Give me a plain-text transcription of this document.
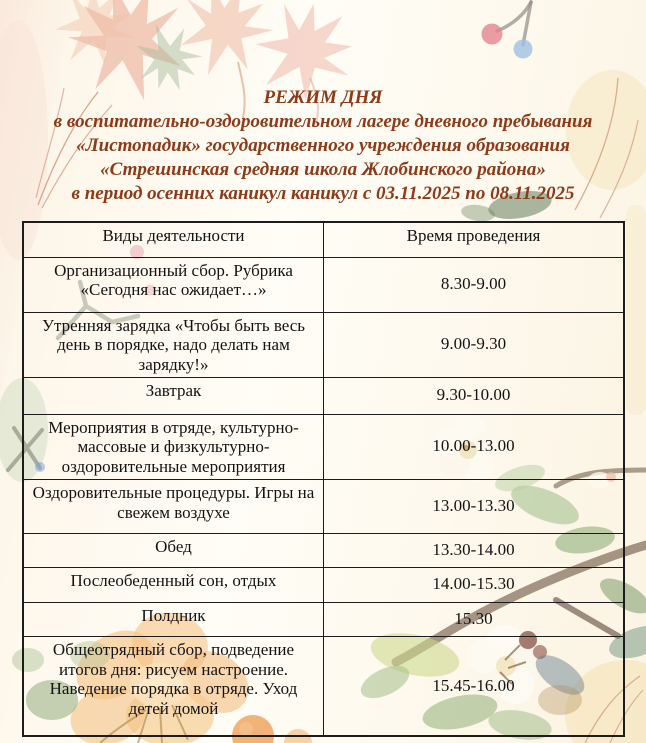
РЕЖИМ ДНЯ
в воспитательно-оздоровительном лагере дневного пребывания
«Листопадик» государственного учреждения образования
«Стрешинская средняя школа Жлобинского района»
в период осенних каникул каникул с 03.11.2025 по 08.11.2025
Виды деятельности	Время проведения
Организационный сбор. Рубрика «Сегодня нас ожидает…»	8.30-9.00
Утренняя зарядка «Чтобы быть весь день в порядке, надо делать нам зарядку!»	9.00-9.30
Завтрак	9.30-10.00
Мероприятия в отряде, культурно-массовые и физкультурно-оздоровительные мероприятия	10.00-13.00
Оздоровительные процедуры. Игры на свежем воздухе	13.00-13.30
Обед	13.30-14.00
Послеобеденный сон, отдых	14.00-15.30
Полдник	15.30
Общеотрядный сбор, подведение итогов дня: рисуем настроение. Наведение порядка в отряде. Уход детей домой	15.45-16.00
